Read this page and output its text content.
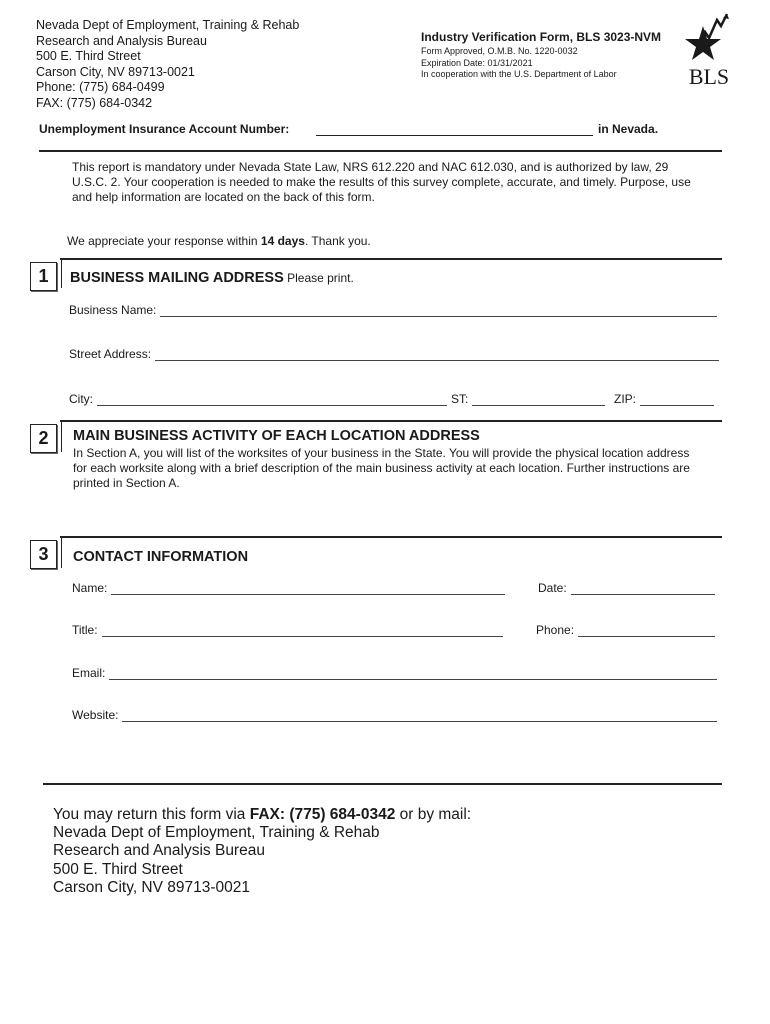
Nevada Dept of Employment, Training & Rehab
Research and Analysis Bureau
500 E. Third Street
Carson City, NV 89713-0021
Phone: (775) 684-0499
FAX: (775) 684-0342
Industry Verification Form, BLS 3023-NVM
Form Approved, O.M.B. No. 1220-0032
Expiration Date: 01/31/2021
In cooperation with the U.S. Department of Labor	BLS
Unemployment Insurance Account Number:	in Nevada.
This report is mandatory under Nevada State Law, NRS 612.220 and NAC 612.030, and is authorized by law, 29 U.S.C. 2. Your cooperation is needed to make the results of this survey complete, accurate, and timely. Purpose, use and help information are located on the back of this form.
We appreciate your response within 14 days. Thank you.
1	BUSINESS MAILING ADDRESS Please print.
Business Name:
Street Address:
City:	ST:	ZIP:
2	MAIN BUSINESS ACTIVITY OF EACH LOCATION ADDRESS
In Section A, you will list of the worksites of your business in the State. You will provide the physical location address for each worksite along with a brief description of the main business activity at each location. Further instructions are printed in Section A.
3	CONTACT INFORMATION
Name:	Date:
Title:	Phone:
Email:
Website:
You may return this form via FAX: (775) 684-0342 or by mail:
Nevada Dept of Employment, Training & Rehab
Research and Analysis Bureau
500 E. Third Street
Carson City, NV 89713-0021
